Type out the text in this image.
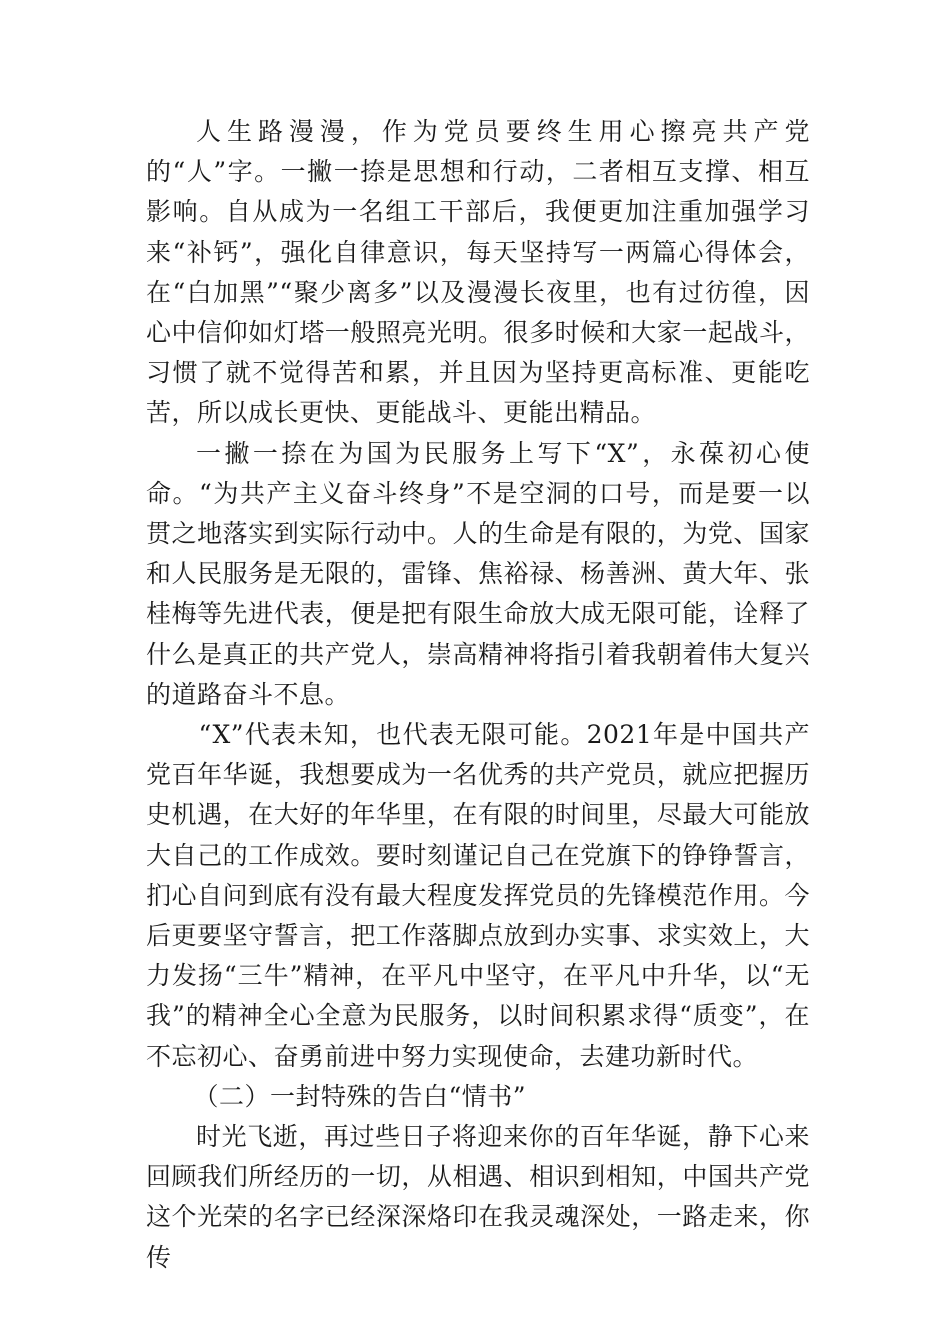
人生路漫漫，作为党员要终生用心擦亮共产党的“人”字。一撇一捺是思想和行动，二者相互支撑、相互影响。自从成为一名组工干部后，我便更加注重加强学习来“补钙”，强化自律意识，每天坚持写一两篇心得体会，在“白加黑”“聚少离多”以及漫漫长夜里，也有过彷徨，因心中信仰如灯塔一般照亮光明。很多时候和大家一起战斗，习惯了就不觉得苦和累，并且因为坚持更高标准、更能吃苦，所以成长更快、更能战斗、更能出精品。

一撇一捺在为国为民服务上写下“X”，永葆初心使命。“为共产主义奋斗终身”不是空洞的口号，而是要一以贯之地落实到实际行动中。人的生命是有限的，为党、国家和人民服务是无限的，雷锋、焦裕禄、杨善洲、黄大年、张桂梅等先进代表，便是把有限生命放大成无限可能，诠释了什么是真正的共产党人，崇高精神将指引着我朝着伟大复兴的道路奋斗不息。

“X”代表未知，也代表无限可能。2021年是中国共产党百年华诞，我想要成为一名优秀的共产党员，就应把握历史机遇，在大好的年华里，在有限的时间里，尽最大可能放大自己的工作成效。要时刻谨记自己在党旗下的铮铮誓言，扪心自问到底有没有最大程度发挥党员的先锋模范作用。今后更要坚守誓言，把工作落脚点放到办实事、求实效上，大力发扬“三牛”精神，在平凡中坚守，在平凡中升华，以“无我”的精神全心全意为民服务，以时间积累求得“质变”，在不忘初心、奋勇前进中努力实现使命，去建功新时代。

（二）一封特殊的告白“情书”

时光飞逝，再过些日子将迎来你的百年华诞，静下心来回顾我们所经历的一切，从相遇、相识到相知，中国共产党这个光荣的名字已经深深烙印在我灵魂深处，一路走来，你传
